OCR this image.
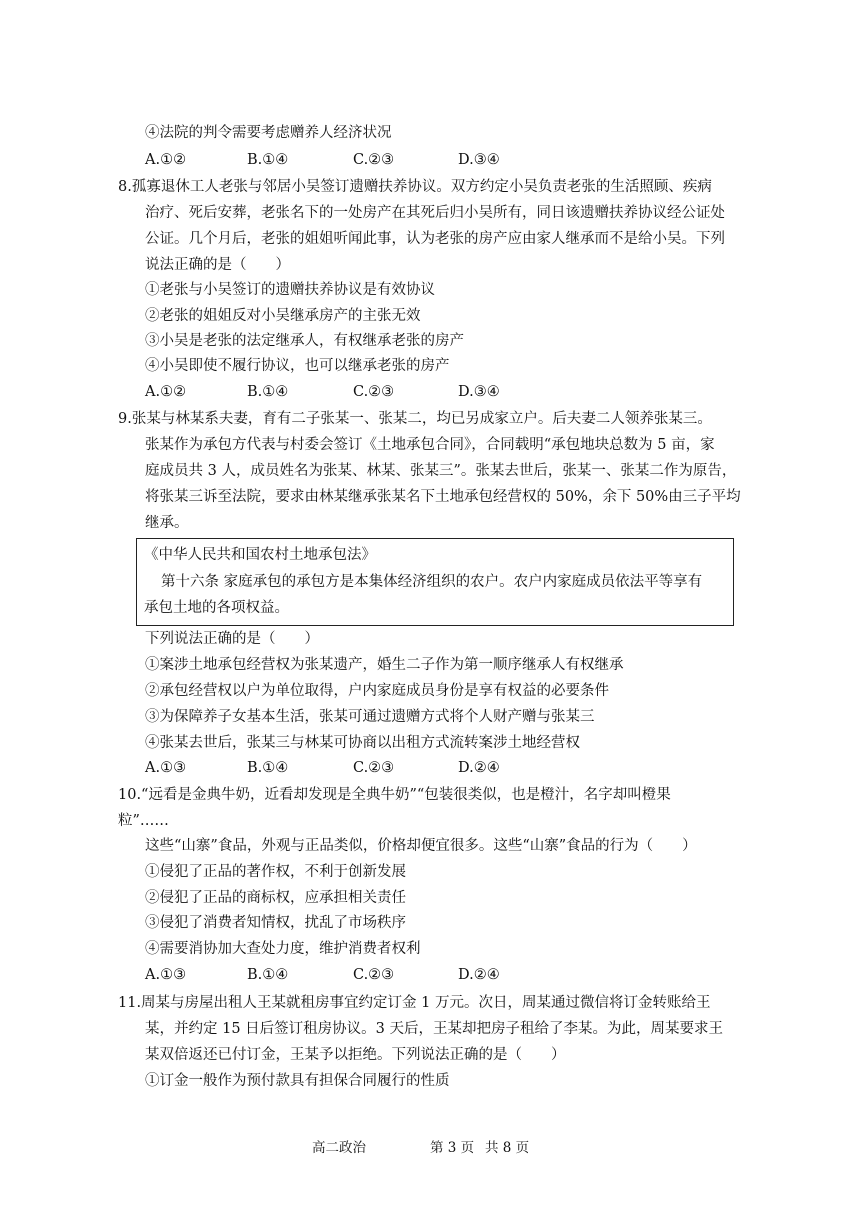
④法院的判令需要考虑赠养人经济状况
A.①②	B.①④	C.②③	D.③④
8.孤寡退休工人老张与邻居小吴签订遗赠扶养协议。双方约定小吴负责老张的生活照顾、疾病
治疗、死后安葬，老张名下的一处房产在其死后归小吴所有，同日该遗赠扶养协议经公证处
公证。几个月后，老张的姐姐听闻此事，认为老张的房产应由家人继承而不是给小吴。下列
说法正确的是（　　）
①老张与小吴签订的遗赠扶养协议是有效协议
②老张的姐姐反对小吴继承房产的主张无效
③小吴是老张的法定继承人，有权继承老张的房产
④小吴即使不履行协议，也可以继承老张的房产
A.①②	B.①④	C.②③	D.③④
9.张某与林某系夫妻，育有二子张某一、张某二，均已另成家立户。后夫妻二人领养张某三。
张某作为承包方代表与村委会签订《土地承包合同》，合同载明“承包地块总数为 5 亩，家
庭成员共 3 人，成员姓名为张某、林某、张某三”。张某去世后，张某一、张某二作为原告，
将张某三诉至法院，要求由林某继承张某名下土地承包经营权的 50%，余下 50%由三子平均
继承。
《中华人民共和国农村土地承包法》
第十六条 家庭承包的承包方是本集体经济组织的农户。农户内家庭成员依法平等享有
承包土地的各项权益。
下列说法正确的是（　　）
①案涉土地承包经营权为张某遗产，婚生二子作为第一顺序继承人有权继承
②承包经营权以户为单位取得，户内家庭成员身份是享有权益的必要条件
③为保障养子女基本生活，张某可通过遗赠方式将个人财产赠与张某三
④张某去世后，张某三与林某可协商以出租方式流转案涉土地经营权
A.①③	B.①④	C.②③	D.②④
10.“远看是金典牛奶，近看却发现是全典牛奶”“包装很类似，也是橙汁，名字却叫橙果
粒”……
这些“山寨”食品，外观与正品类似，价格却便宜很多。这些“山寨”食品的行为（　　）
①侵犯了正品的著作权，不利于创新发展
②侵犯了正品的商标权，应承担相关责任
③侵犯了消费者知情权，扰乱了市场秩序
④需要消协加大查处力度，维护消费者权利
A.①③	B.①④	C.②③	D.②④
11.周某与房屋出租人王某就租房事宜约定订金 1 万元。次日，周某通过微信将订金转账给王
某，并约定 15 日后签订租房协议。3 天后，王某却把房子租给了李某。为此，周某要求王
某双倍返还已付订金，王某予以拒绝。下列说法正确的是（　　）
①订金一般作为预付款具有担保合同履行的性质
高二政治	第 3 页 共 8 页
